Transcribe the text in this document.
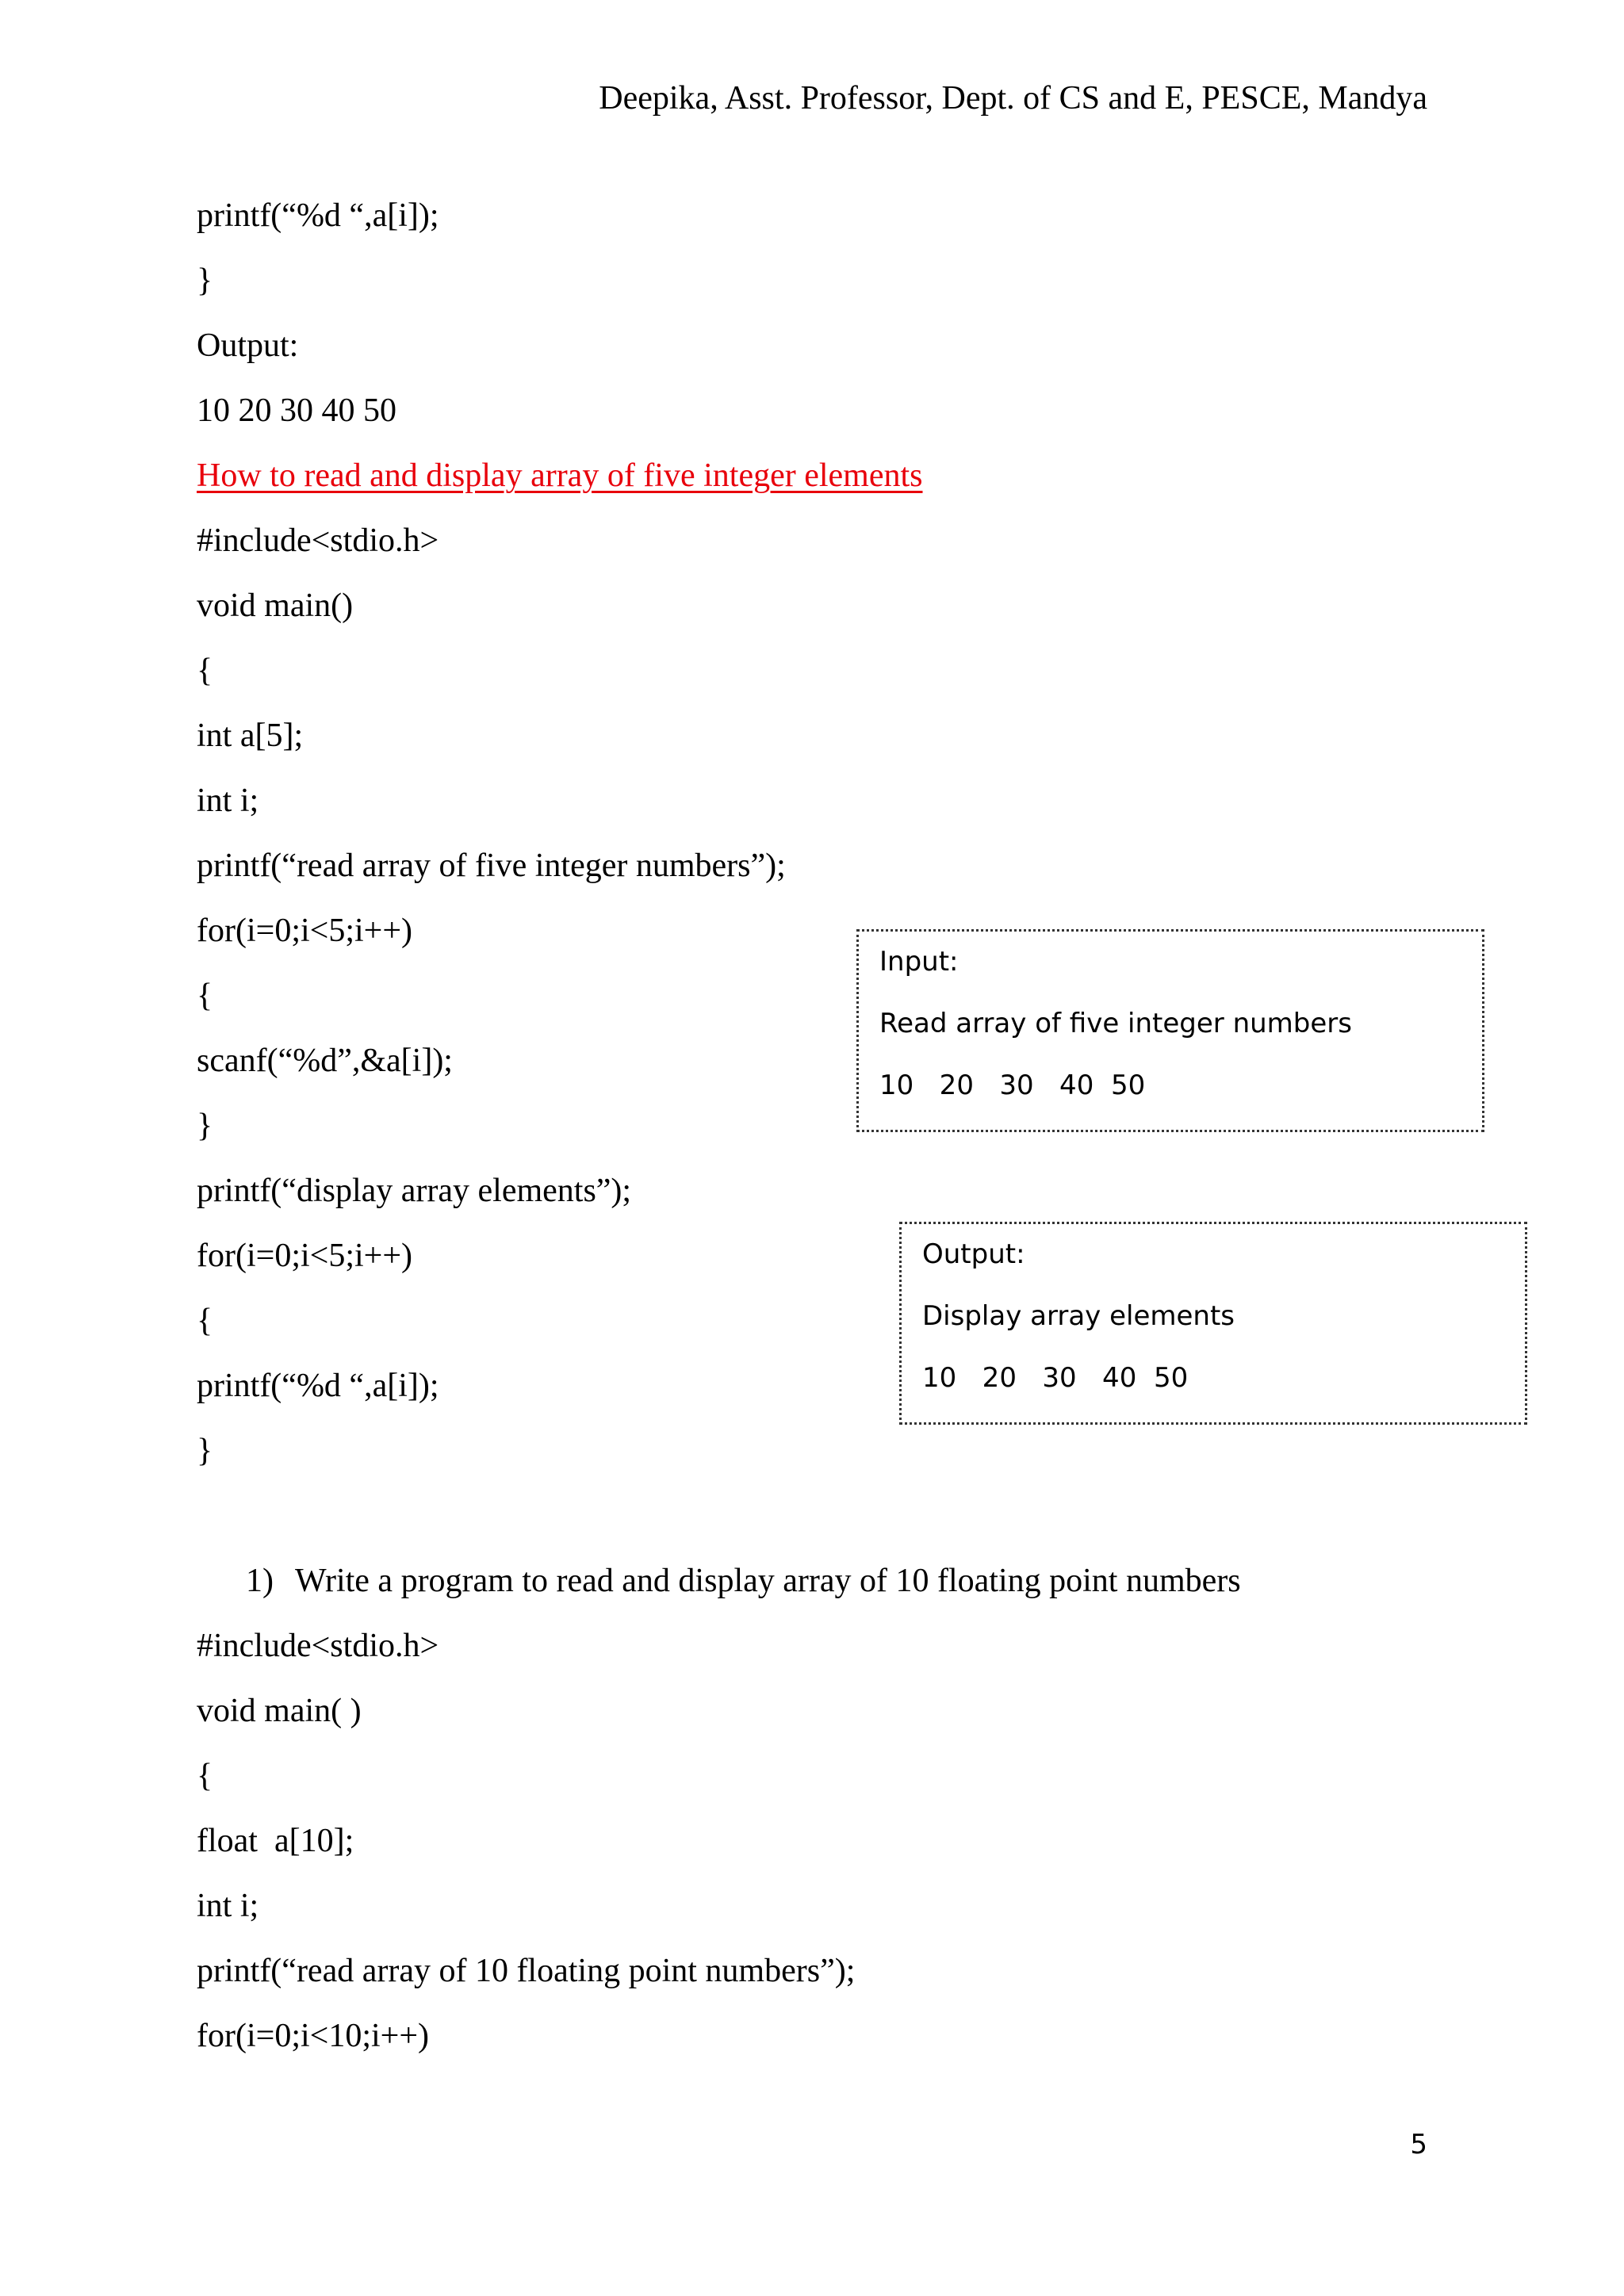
Deepika, Asst. Professor, Dept. of CS and E, PESCE, Mandya
printf(“%d “,a[i]);
}
Output:
10 20 30 40 50
How to read and display array of five integer elements
#include<stdio.h>
void main()
{
int a[5];
int i;
printf(“read array of five integer numbers”);
for(i=0;i<5;i++)
{
scanf(“%d”,&a[i]);
}
printf(“display array elements”);
for(i=0;i<5;i++)
{
printf(“%d “,a[i]);
}
1) Write a program to read and display array of 10 floating point numbers
#include<stdio.h>
void main( )
{
float  a[10];
int i;
printf(“read array of 10 floating point numbers”);
for(i=0;i<10;i++)
Input:
Read array of five integer numbers
10   20   30   40  50
Output:
Display array elements
10   20   30   40  50
5
